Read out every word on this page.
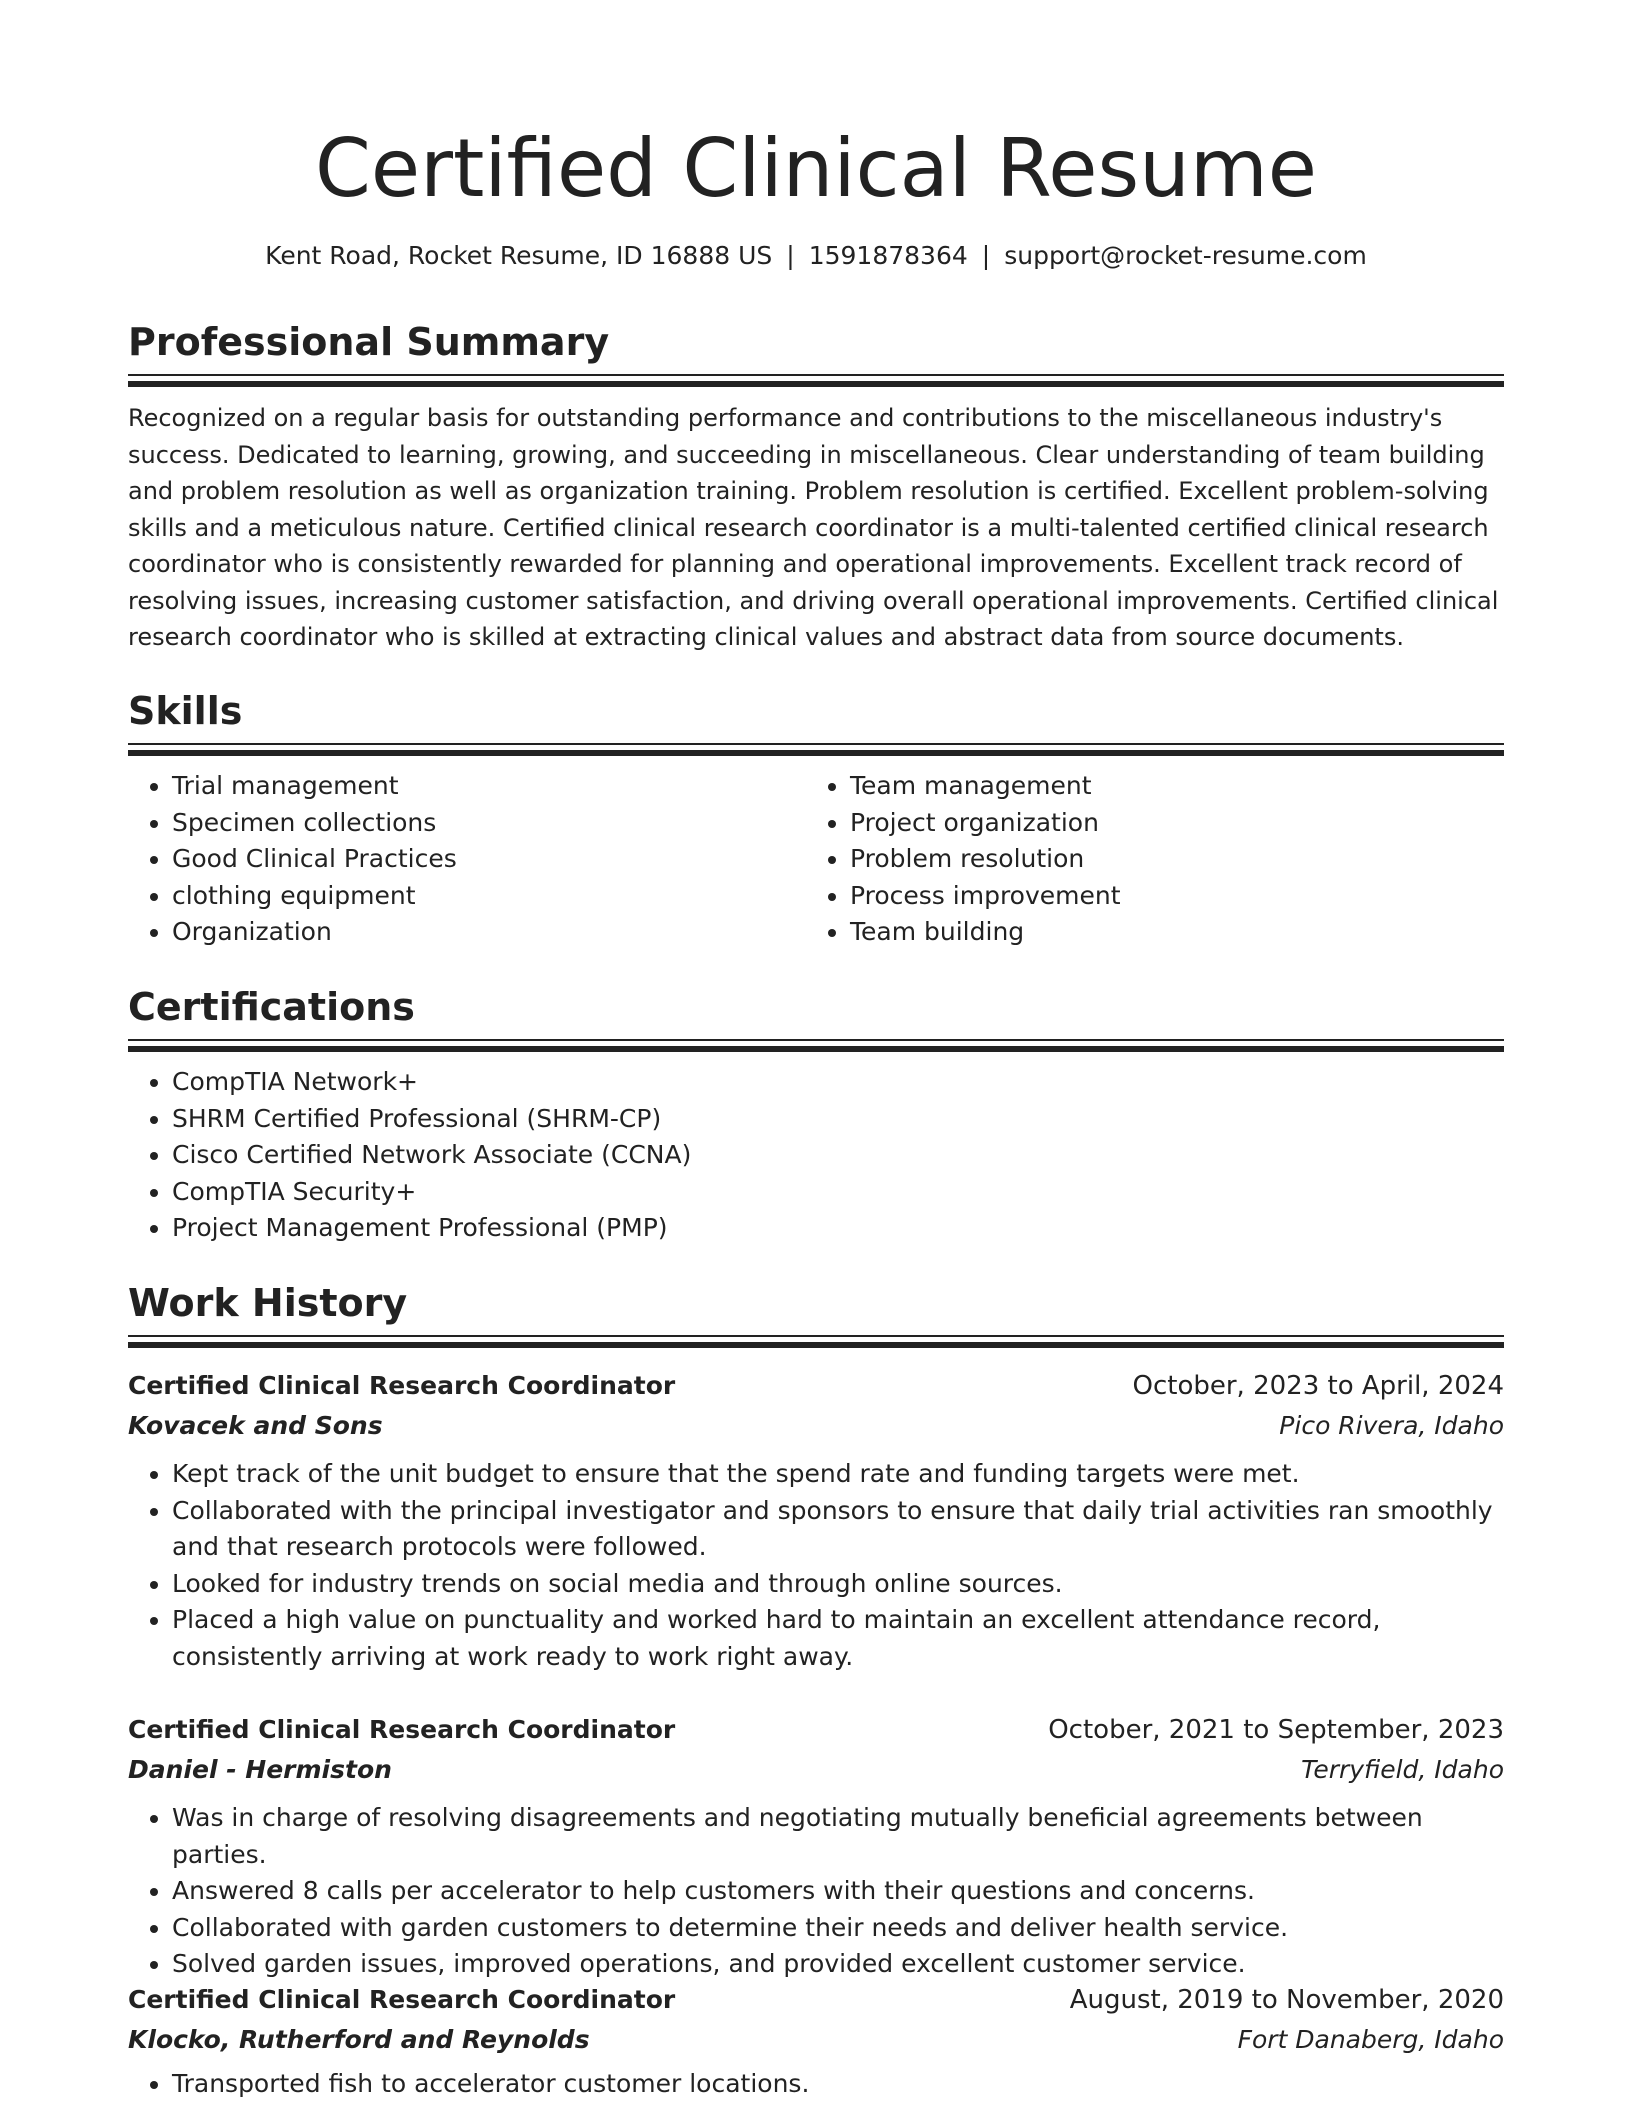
Certified Clinical Resume
Kent Road, Rocket Resume, ID 16888 US | 1591878364 | support@rocket-resume.com
Professional Summary

Recognized on a regular basis for outstanding performance and contributions to the miscellaneous industry's success. Dedicated to learning, growing, and succeeding in miscellaneous. Clear understanding of team building and problem resolution as well as organization training. Problem resolution is certified. Excellent problem-solving skills and a meticulous nature. Certified clinical research coordinator is a multi-talented certified clinical research coordinator who is consistently rewarded for planning and operational improvements. Excellent track record of resolving issues, increasing customer satisfaction, and driving overall operational improvements. Certified clinical research coordinator who is skilled at extracting clinical values and abstract data from source documents.

Skills
• Trial management
• Specimen collections
• Good Clinical Practices
• clothing equipment
• Organization
• Team management
• Project organization
• Problem resolution
• Process improvement
• Team building
Certifications
• CompTIA Network+
• SHRM Certified Professional (SHRM-CP)
• Cisco Certified Network Associate (CCNA)
• CompTIA Security+
• Project Management Professional (PMP)
Work History
Certified Clinical Research Coordinator	October, 2023 to April, 2024
Kovacek and Sons	Pico Rivera, Idaho
• Kept track of the unit budget to ensure that the spend rate and funding targets were met.
• Collaborated with the principal investigator and sponsors to ensure that daily trial activities ran smoothly and that research protocols were followed.
• Looked for industry trends on social media and through online sources.
• Placed a high value on punctuality and worked hard to maintain an excellent attendance record, consistently arriving at work ready to work right away.
Certified Clinical Research Coordinator	October, 2021 to September, 2023
Daniel - Hermiston	Terryfield, Idaho
• Was in charge of resolving disagreements and negotiating mutually beneficial agreements between parties.
• Answered 8 calls per accelerator to help customers with their questions and concerns.
• Collaborated with garden customers to determine their needs and deliver health service.
• Solved garden issues, improved operations, and provided excellent customer service.
Certified Clinical Research Coordinator	August, 2019 to November, 2020
Klocko, Rutherford and Reynolds	Fort Danaberg, Idaho
• Transported fish to accelerator customer locations.
